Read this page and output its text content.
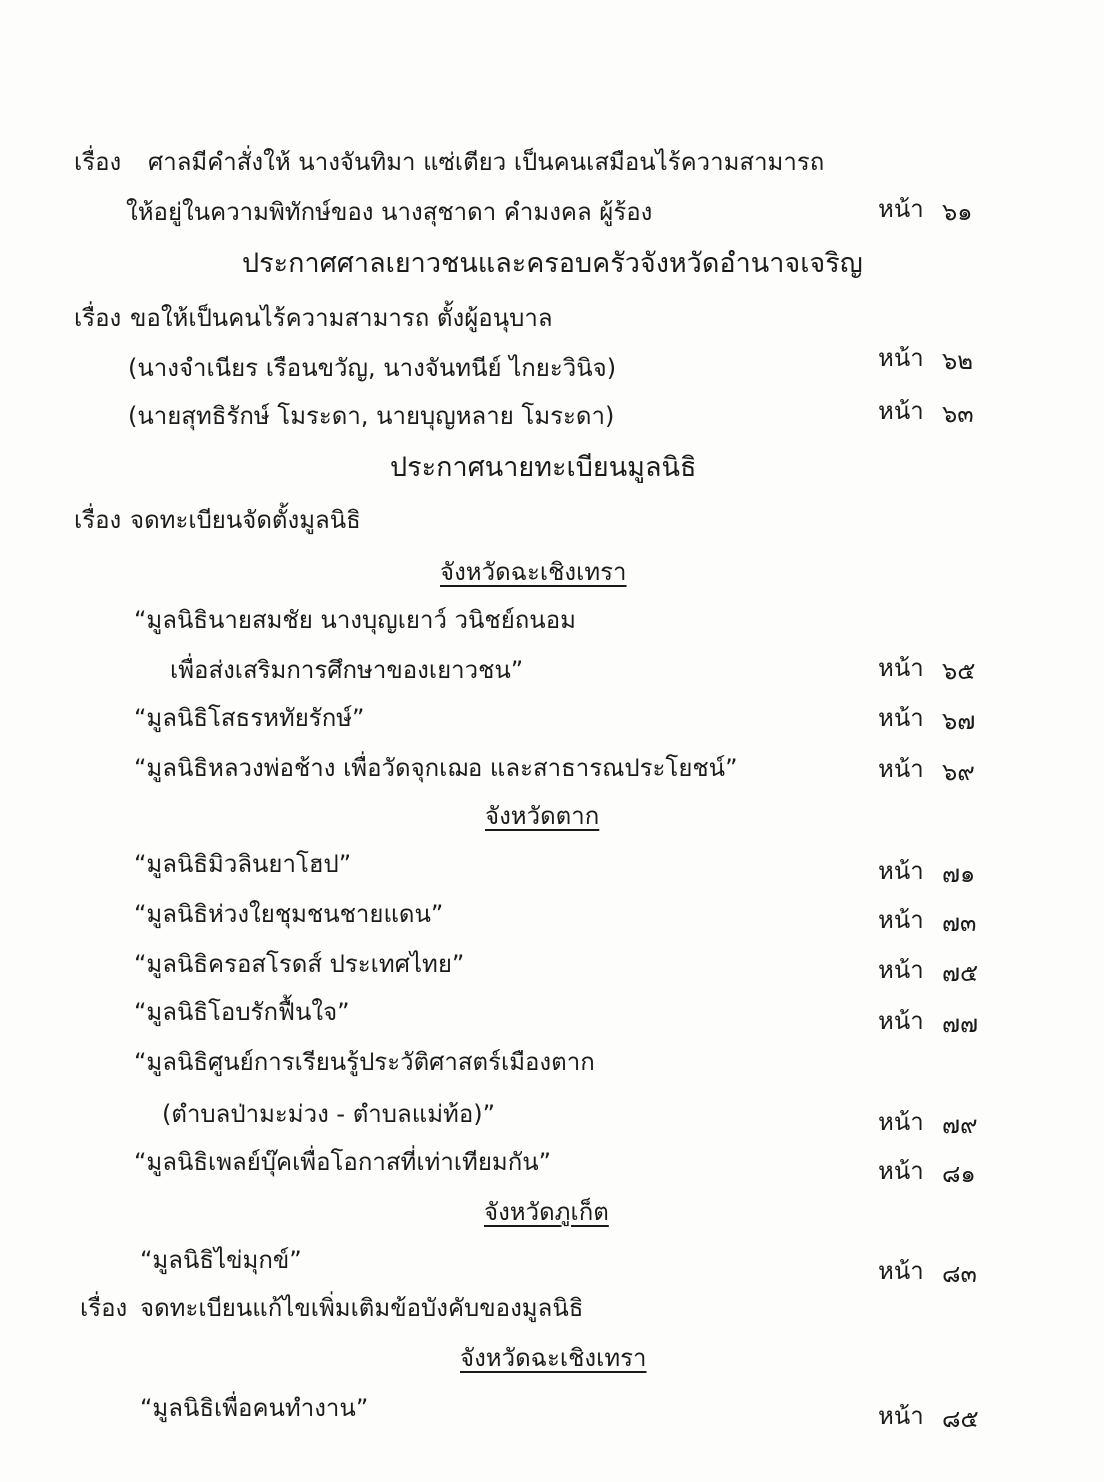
เรื่อง ศาลมีคำสั่งให้ นางจันทิมา แซ่เตียว เป็นคนเสมือนไร้ความสามารถ
ให้อยู่ในความพิทักษ์ของ นางสุชาดา คำมงคล ผู้ร้อง	หน้า ๖๑
ประกาศศาลเยาวชนและครอบครัวจังหวัดอำนาจเจริญ
เรื่อง ขอให้เป็นคนไร้ความสามารถ ตั้งผู้อนุบาล
(นางจำเนียร เรือนขวัญ, นางจันทนีย์ ไกยะวินิจ)	หน้า ๖๒
(นายสุทธิรักษ์ โมระดา, นายบุญหลาย โมระดา)	หน้า ๖๓
ประกาศนายทะเบียนมูลนิธิ
เรื่อง จดทะเบียนจัดตั้งมูลนิธิ
จังหวัดฉะเชิงเทรา
“มูลนิธินายสมชัย นางบุญเยาว์ วนิชย์ถนอม
เพื่อส่งเสริมการศึกษาของเยาวชน”	หน้า ๖๕
“มูลนิธิโสธรหทัยรักษ์”	หน้า ๖๗
“มูลนิธิหลวงพ่อช้าง เพื่อวัดจุกเฌอ และสาธารณประโยชน์”	หน้า ๖๙
จังหวัดตาก
“มูลนิธิมิวลินยาโฮป”	หน้า ๗๑
“มูลนิธิห่วงใยชุมชนชายแดน”	หน้า ๗๓
“มูลนิธิครอสโรดส์ ประเทศไทย”	หน้า ๗๕
“มูลนิธิโอบรักฟื้นใจ”	หน้า ๗๗
“มูลนิธิศูนย์การเรียนรู้ประวัติศาสตร์เมืองตาก
(ตำบลป่ามะม่วง - ตำบลแม่ท้อ)”	หน้า ๗๙
“มูลนิธิเพลย์บุ๊คเพื่อโอกาสที่เท่าเทียมกัน”	หน้า ๘๑
จังหวัดภูเก็ต
“มูลนิธิไข่มุกข์”	หน้า ๘๓
เรื่อง จดทะเบียนแก้ไขเพิ่มเติมข้อบังคับของมูลนิธิ
จังหวัดฉะเชิงเทรา
“มูลนิธิเพื่อคนทำงาน”	หน้า ๘๕
